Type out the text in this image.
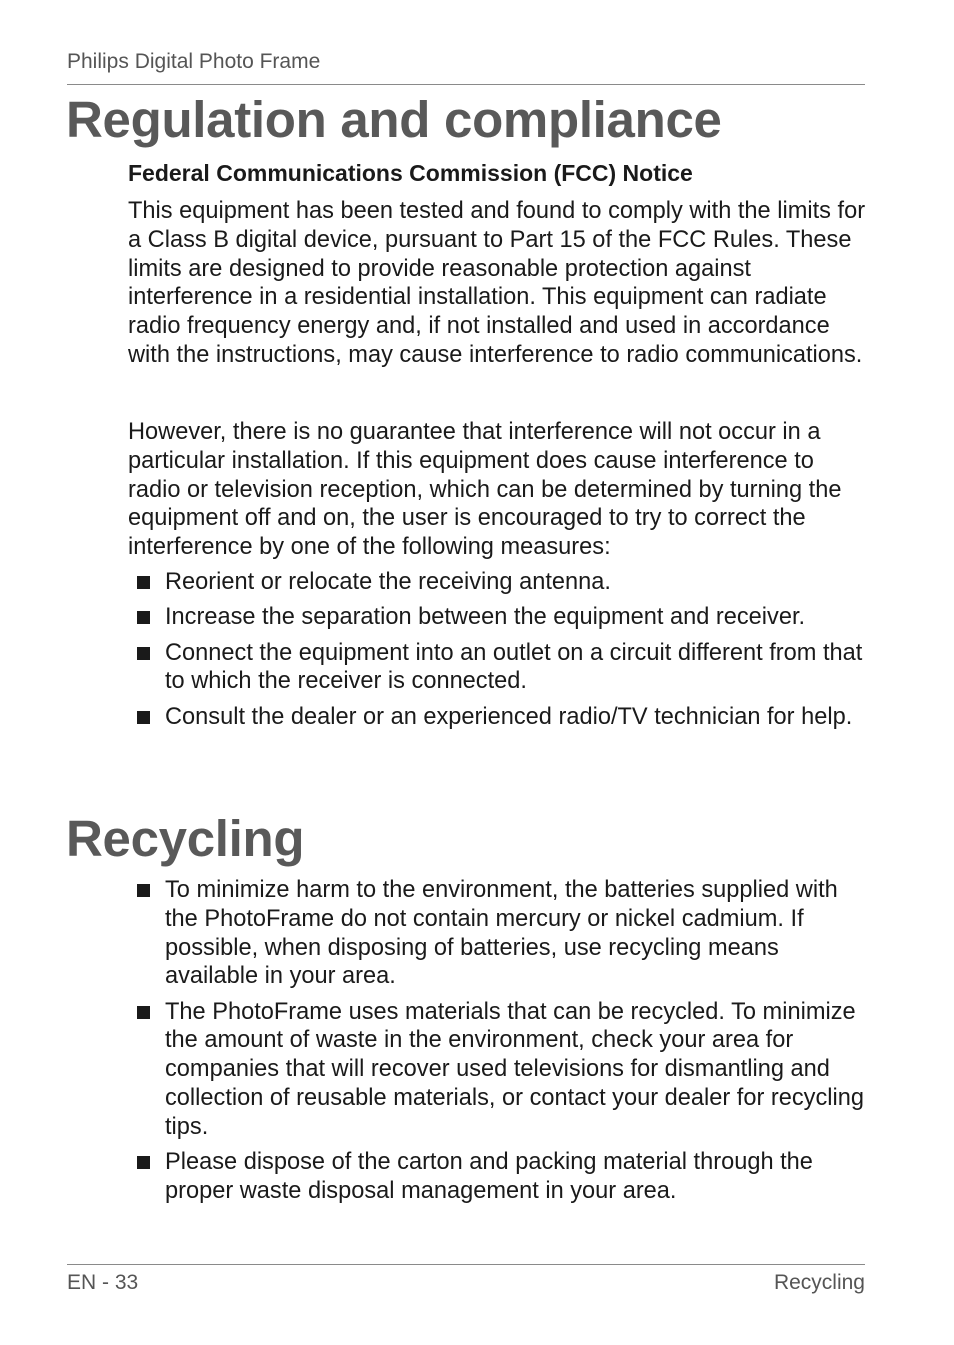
Philips Digital Photo Frame
Regulation and compliance
Federal Communications Commission (FCC) Notice
This equipment has been tested and found to comply with the limits for a Class B digital device, pursuant to Part 15 of the FCC Rules. These limits are designed to provide reasonable protection against interference in a residential installation. This equipment can radiate radio frequency energy and, if not installed and used in accordance with the instructions, may cause interference to radio communications.
However, there is no guarantee that interference will not occur in a particular installation. If this equipment does cause interference to radio or television reception, which can be determined by turning the equipment off and on, the user is encouraged to try to correct the interference by one of the following measures:
Reorient or relocate the receiving antenna.
Increase the separation between the equipment and receiver.
Connect the equipment into an outlet on a circuit different from that to which the receiver is connected.
Consult the dealer or an experienced radio/TV technician for help.
Recycling
To minimize harm to the environment, the batteries supplied with the PhotoFrame do not contain mercury or nickel cadmium. If possible, when disposing of batteries, use recycling means available in your area.
The PhotoFrame uses materials that can be recycled. To minimize the amount of waste in the environment, check your area for companies that will recover used televisions for dismantling and collection of reusable materials, or contact your dealer for recycling tips.
Please dispose of the carton and packing material through the proper waste disposal management in your area.
EN - 33	Recycling
